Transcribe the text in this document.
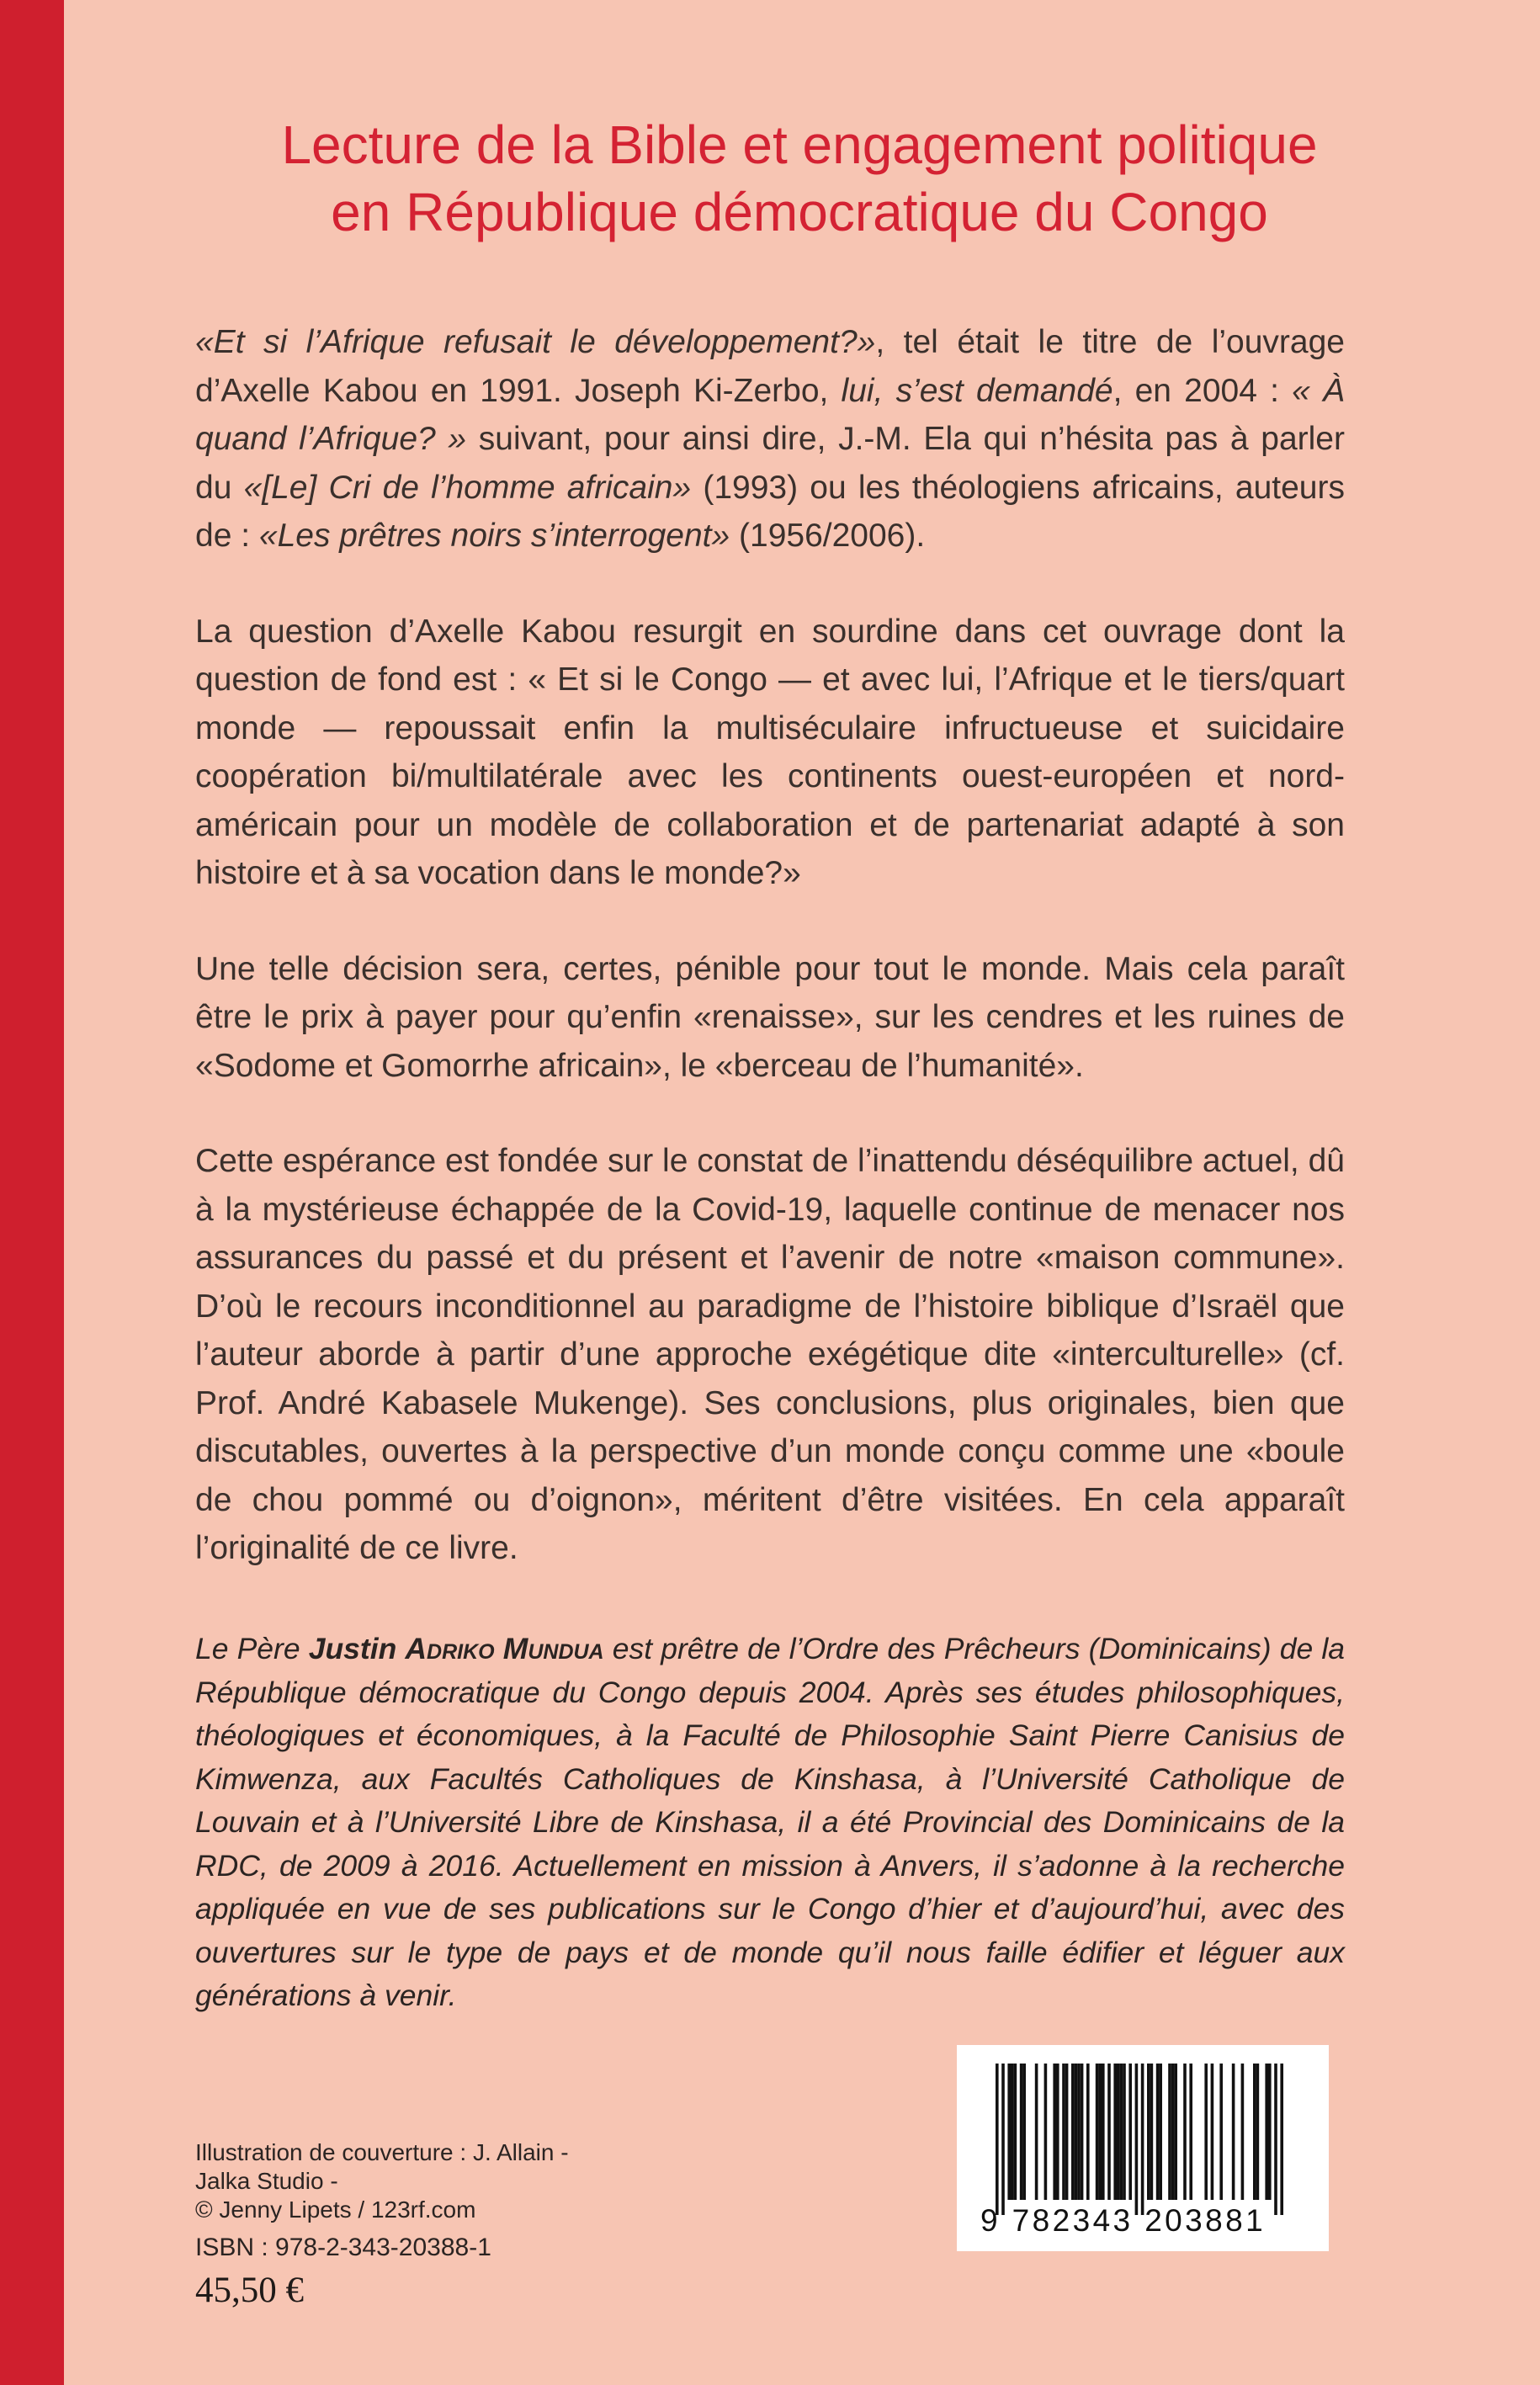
Lecture de la Bible et engagement politique
en République démocratique du Congo

«Et si l’Afrique refusait le développement?», tel était le titre de l’ouvrage d’Axelle Kabou en 1991. Joseph Ki-Zerbo, lui, s’est demandé, en 2004 : « À quand l’Afrique? » suivant, pour ainsi dire, J.-M. Ela qui n’hésita pas à parler du «[Le] Cri de l’homme africain» (1993) ou les théologiens africains, auteurs de : «Les prêtres noirs s’interrogent» (1956/2006).

La question d’Axelle Kabou resurgit en sourdine dans cet ouvrage dont la question de fond est : « Et si le Congo — et avec lui, l’Afrique et le tiers/quart monde — repoussait enfin la multiséculaire infructueuse et suicidaire coopération bi/multilatérale avec les continents ouest-européen et nord-américain pour un modèle de collaboration et de partenariat adapté à son histoire et à sa vocation dans le monde?»

Une telle décision sera, certes, pénible pour tout le monde. Mais cela paraît être le prix à payer pour qu’enfin «renaisse», sur les cendres et les ruines de «Sodome et Gomorrhe africain», le «berceau de l’humanité».

Cette espérance est fondée sur le constat de l’inattendu déséquilibre actuel, dû à la mystérieuse échappée de la Covid-19, laquelle continue de menacer nos assurances du passé et du présent et l’avenir de notre «maison commune». D’où le recours inconditionnel au paradigme de l’histoire biblique d’Israël que l’auteur aborde à partir d’une approche exégétique dite «interculturelle» (cf. Prof. André Kabasele Mukenge). Ses conclusions, plus originales, bien que discutables, ouvertes à la perspective d’un monde conçu comme une «boule de chou pommé ou d’oignon», méritent d’être visitées. En cela apparaît l’originalité de ce livre.

Le Père Justin Adriko Mundua est prêtre de l’Ordre des Prêcheurs (Dominicains) de la République démocratique du Congo depuis 2004. Après ses études philosophiques, théologiques et économiques, à la Faculté de Philosophie Saint Pierre Canisius de Kimwenza, aux Facultés Catholiques de Kinshasa, à l’Université Catholique de Louvain et à l’Université Libre de Kinshasa, il a été Provincial des Dominicains de la RDC, de 2009 à 2016. Actuellement en mission à Anvers, il s’adonne à la recherche appliquée en vue de ses publications sur le Congo d’hier et d’aujourd’hui, avec des ouvertures sur le type de pays et de monde qu’il nous faille édifier et léguer aux générations à venir.

Illustration de couverture : J. Allain - Jalka Studio -
© Jenny Lipets / 123rf.com
ISBN : 978-2-343-20388-1
45,50 €
9 782343 203881
